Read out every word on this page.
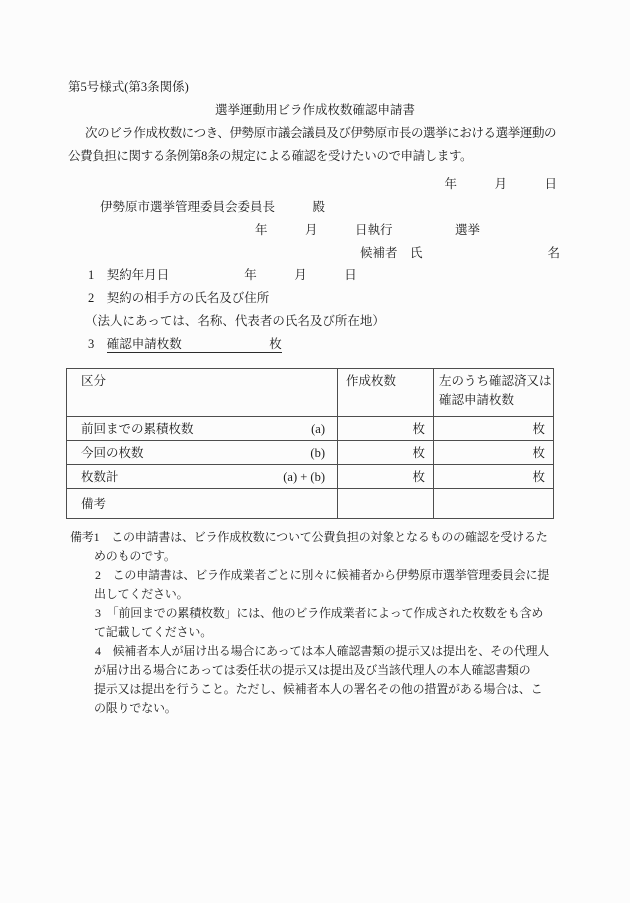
第5号様式(第3条関係)
選挙運動用ビラ作成枚数確認申請書
次のビラ作成枚数につき、伊勢原市議会議員及び伊勢原市長の選挙における選挙運動の
公費負担に関する条例第8条の規定による確認を受けたいので申請します。
年　　　月　　　日
伊勢原市選挙管理委員会委員長　　　殿
年　　　月　　　日執行　　　　　選挙
候補者　氏　　　　　　　　　　名
1　契約年月日　　　　　　年　　　月　　　日
2　契約の相手方の氏名及び住所
（法人にあっては、名称、代表者の氏名及び所在地）
3　 確認申請枚数　　　　　　　枚
区分	作成枚数	左のうち確認済又は
確認申請枚数

前回までの累積枚数 (a)	枚	枚

今回の枚数 (b)	枚	枚

枚数計 (a) + (b)	枚	枚

備考		

備考1　この申請書は、ビラ作成枚数について公費負担の対象となるものの確認を受けるた
めのものです。
2　この申請書は、ビラ作成業者ごとに別々に候補者から伊勢原市選挙管理委員会に提
出してください。
3　「前回までの累積枚数」には、他のビラ作成業者によって作成された枚数をも含め
て記載してください。
4　候補者本人が届け出る場合にあっては本人確認書類の提示又は提出を、その代理人
が届け出る場合にあっては委任状の提示又は提出及び当該代理人の本人確認書類の
提示又は提出を行うこと。ただし、候補者本人の署名その他の措置がある場合は、こ
の限りでない。
